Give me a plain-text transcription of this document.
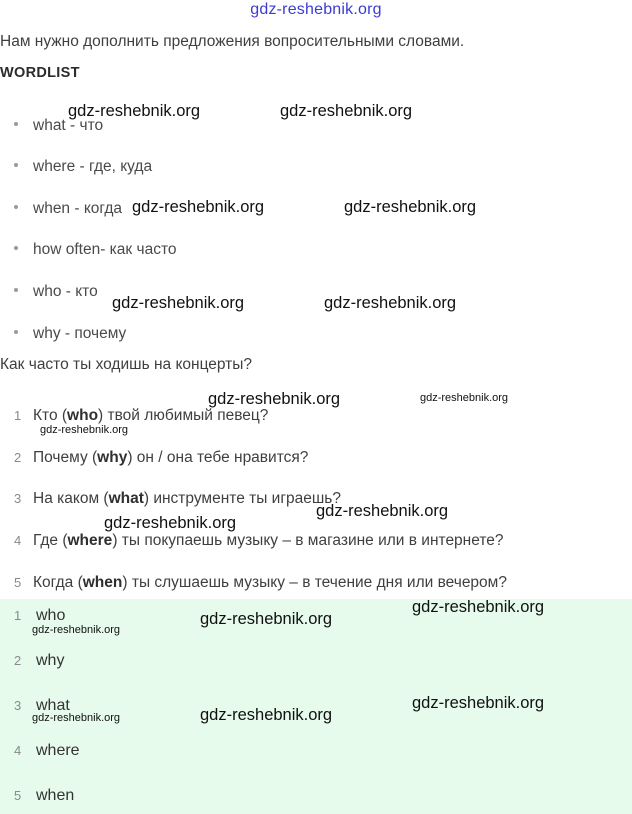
gdz-reshebnik.org
Нам нужно дополнить предложения вопросительными словами.
WORDLIST
what - что
where - где, куда
when - когда
how often- как часто
who - кто
why - почему
Как часто ты ходишь на концерты?
1 Кто (who) твой любимый певец?
2 Почему (why) он / она тебе нравится?
3 На каком (what) инструменте ты играешь?
4 Где (where) ты покупаешь музыку – в магазине или в интернете?
5 Когда (when) ты слушаешь музыку – в течение дня или вечером?
1 who
2 why
3 what
4 where
5 when
gdz-reshebnik.org	gdz-reshebnik.org
gdz-reshebnik.org	gdz-reshebnik.org
gdz-reshebnik.org	gdz-reshebnik.org
gdz-reshebnik.org	gdz-reshebnik.org
gdz-reshebnik.org
gdz-reshebnik.org
gdz-reshebnik.org
gdz-reshebnik.org
gdz-reshebnik.org
gdz-reshebnik.org
gdz-reshebnik.org
gdz-reshebnik.org
gdz-reshebnik.org
